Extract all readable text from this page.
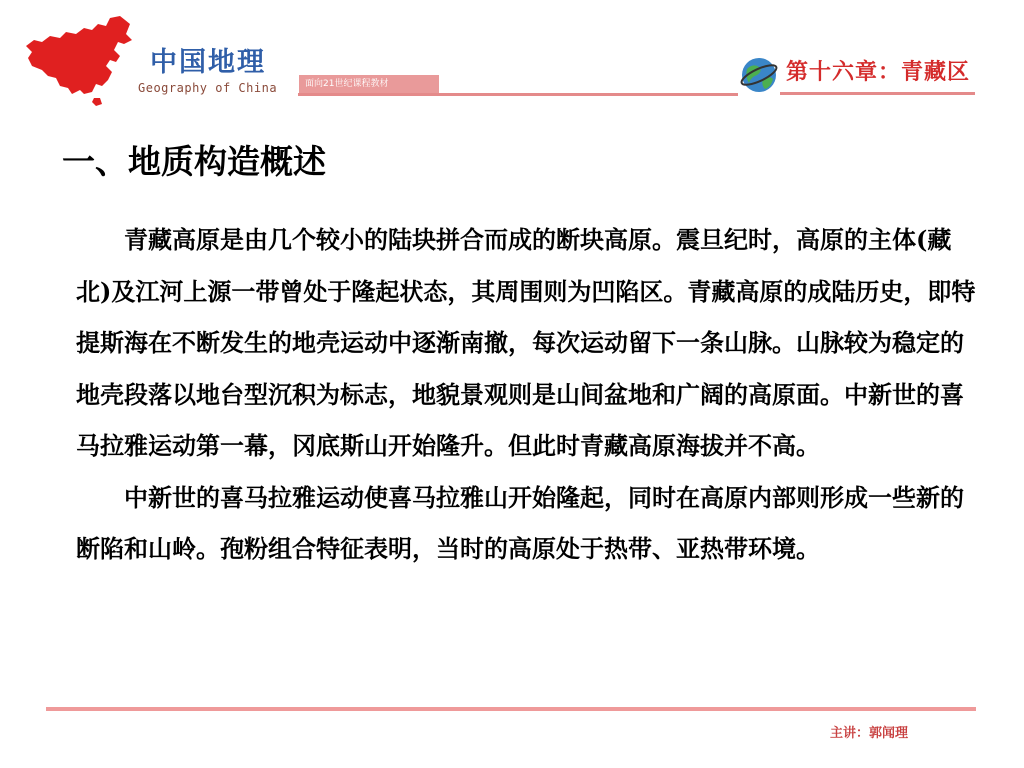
中国地理
Geography of China	面向21世纪课程教材	第十六章：青藏区
一、地质构造概述

青藏高原是由几个较小的陆块拼合而成的断块高原。震旦纪时，高原的主体(藏北)及江河上源一带曾处于隆起状态，其周围则为凹陷区。青藏高原的成陆历史，即特提斯海在不断发生的地壳运动中逐渐南撤，每次运动留下一条山脉。山脉较为稳定的地壳段落以地台型沉积为标志，地貌景观则是山间盆地和广阔的高原面。中新世的喜马拉雅运动第一幕，冈底斯山开始隆升。但此时青藏高原海拔并不高。

中新世的喜马拉雅运动使喜马拉雅山开始隆起，同时在高原内部则形成一些新的断陷和山岭。孢粉组合特征表明，当时的高原处于热带、亚热带环境。

主讲：郭闻理
